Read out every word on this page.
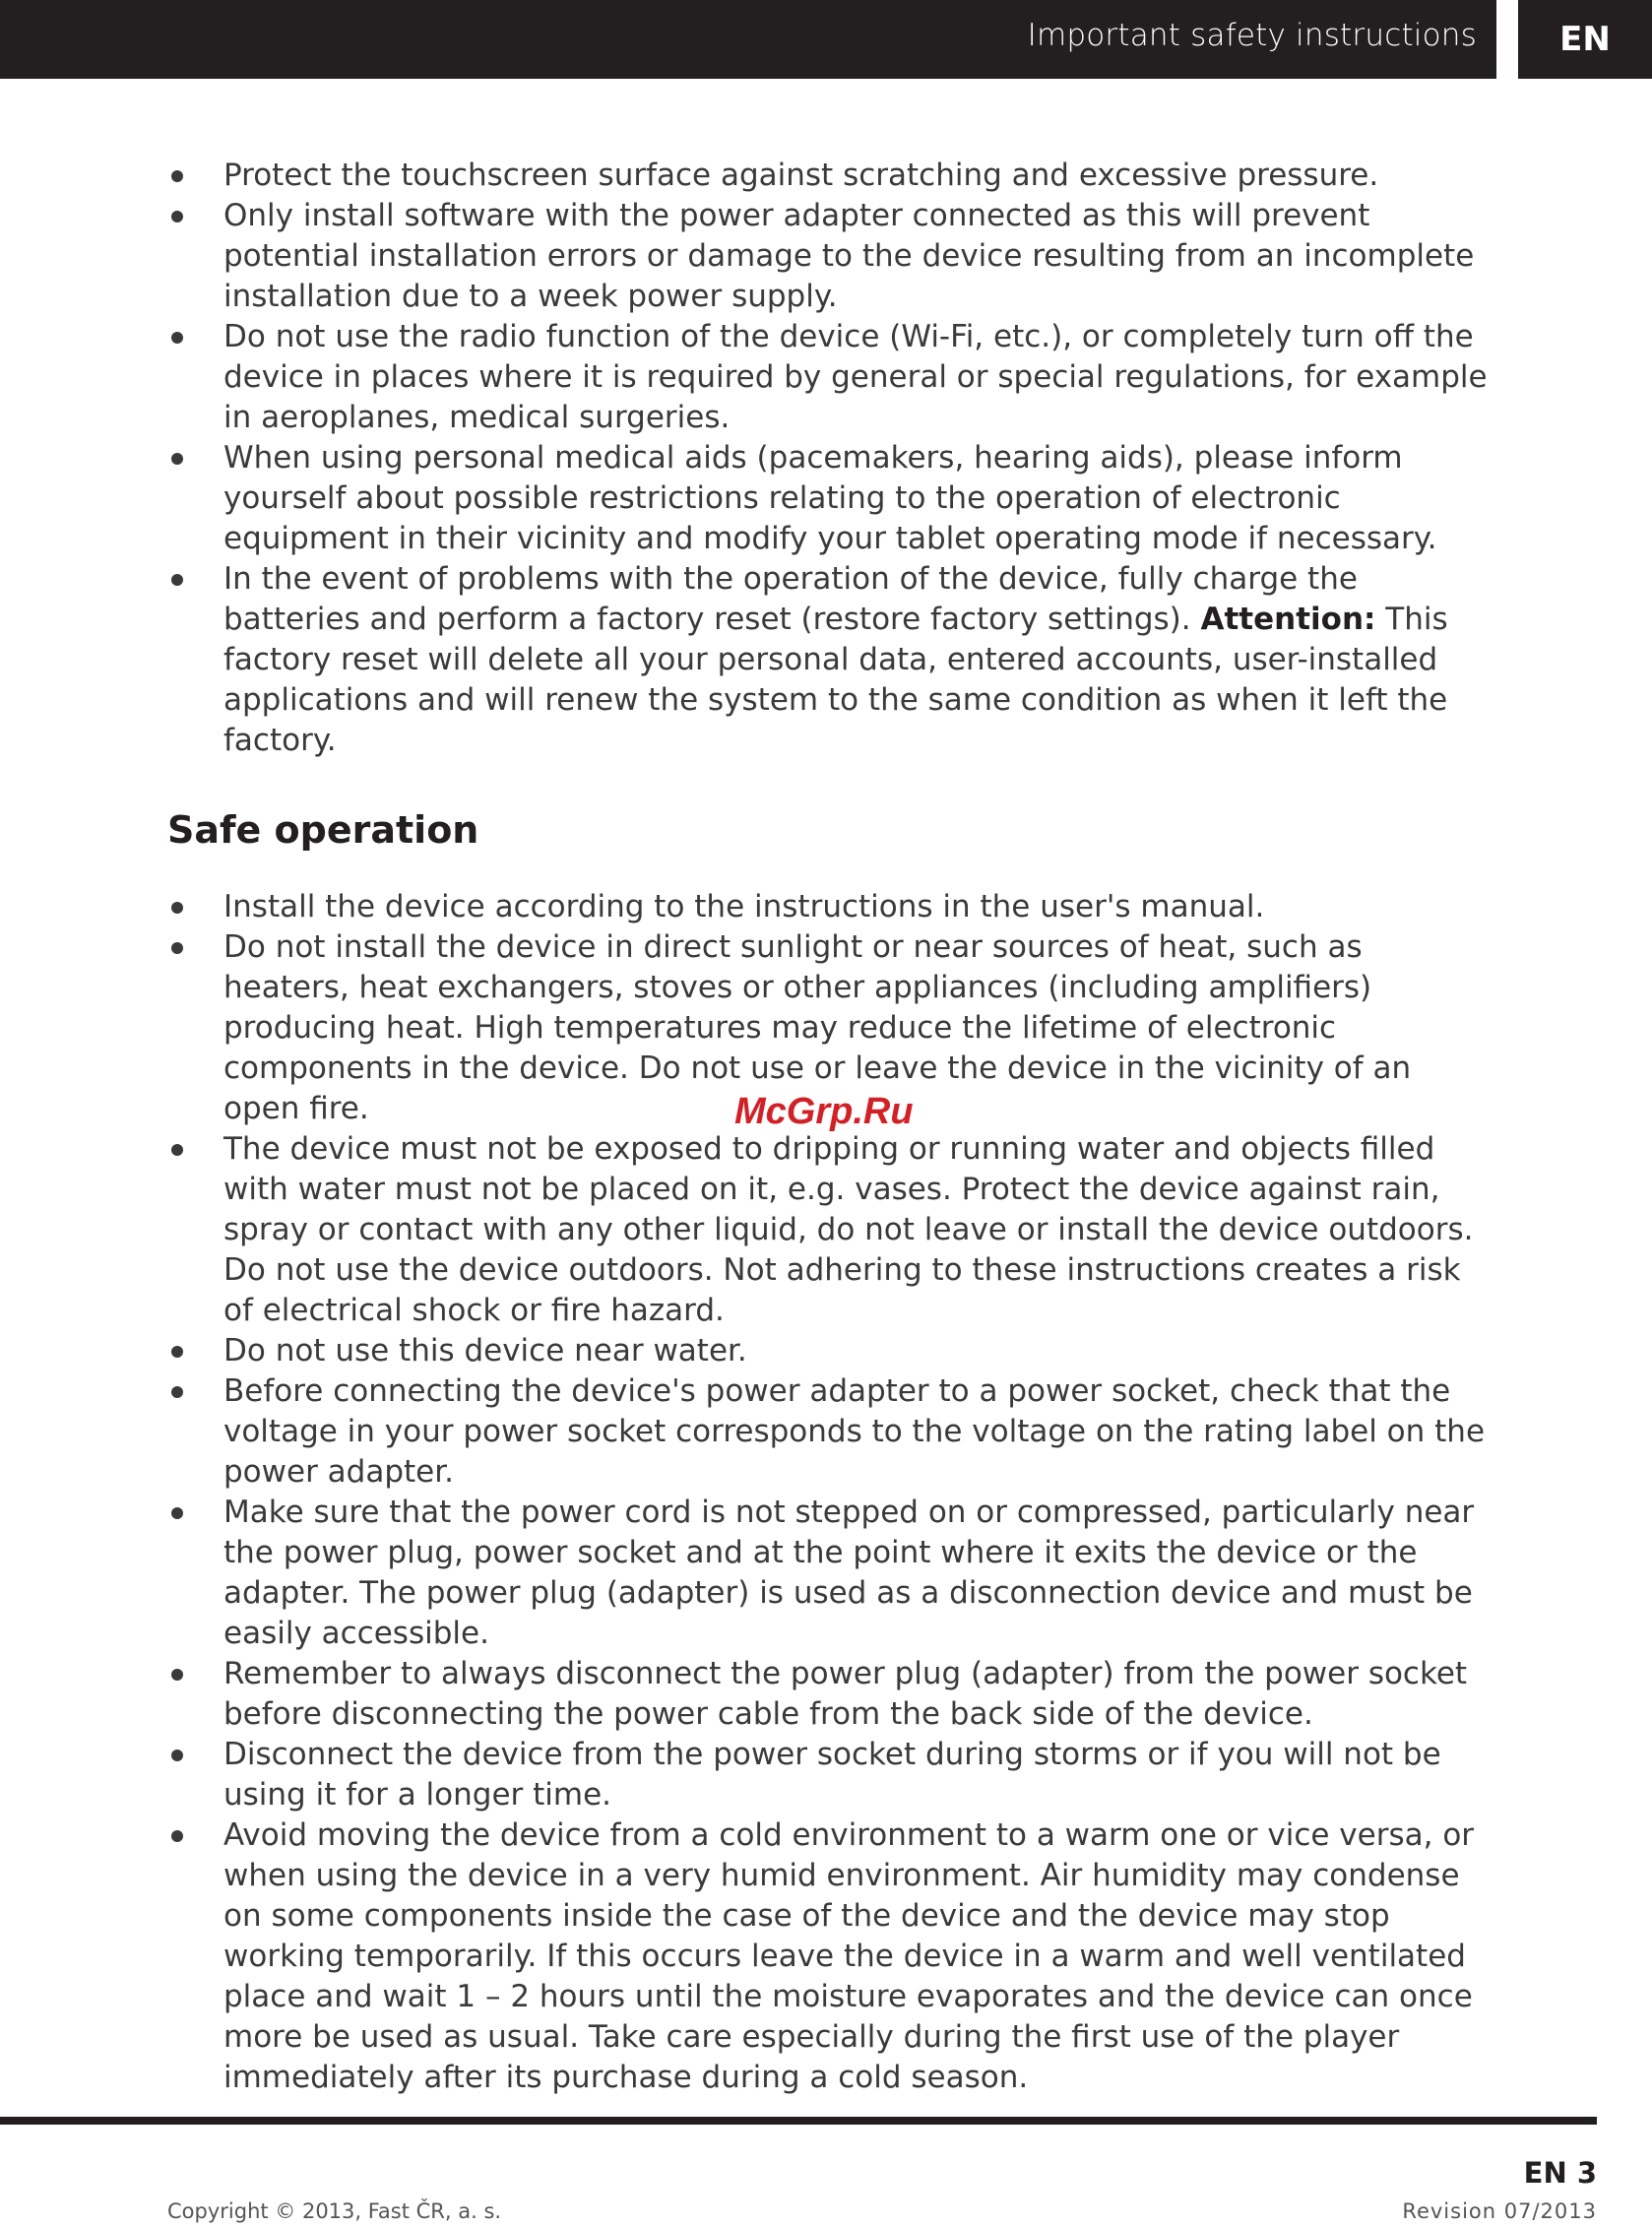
Important safety instructions	EN
Protect the touchscreen surface against scratching and excessive pressure.
Only install software with the power adapter connected as this will prevent potential installation errors or damage to the device resulting from an incomplete installation due to a week power supply.
Do not use the radio function of the device (Wi-Fi, etc.), or completely turn off the device in places where it is required by general or special regulations, for example in aeroplanes, medical surgeries.
When using personal medical aids (pacemakers, hearing aids), please inform yourself about possible restrictions relating to the operation of electronic equipment in their vicinity and modify your tablet operating mode if necessary.
In the event of problems with the operation of the device, fully charge the batteries and perform a factory reset (restore factory settings). Attention: This factory reset will delete all your personal data, entered accounts, user-installed applications and will renew the system to the same condition as when it left the factory.
Safe operation
Install the device according to the instructions in the user's manual.
Do not install the device in direct sunlight or near sources of heat, such as heaters, heat exchangers, stoves or other appliances (including amplifiers) producing heat. High temperatures may reduce the lifetime of electronic components in the device. Do not use or leave the device in the vicinity of an open fire.
The device must not be exposed to dripping or running water and objects filled with water must not be placed on it, e.g. vases. Protect the device against rain, spray or contact with any other liquid, do not leave or install the device outdoors. Do not use the device outdoors. Not adhering to these instructions creates a risk of electrical shock or fire hazard.
Do not use this device near water.
Before connecting the device's power adapter to a power socket, check that the voltage in your power socket corresponds to the voltage on the rating label on the power adapter.
Make sure that the power cord is not stepped on or compressed, particularly near the power plug, power socket and at the point where it exits the device or the adapter. The power plug (adapter) is used as a disconnection device and must be easily accessible.
Remember to always disconnect the power plug (adapter) from the power socket before disconnecting the power cable from the back side of the device.
Disconnect the device from the power socket during storms or if you will not be using it for a longer time.
Avoid moving the device from a cold environment to a warm one or vice versa, or when using the device in a very humid environment. Air humidity may condense on some components inside the case of the device and the device may stop working temporarily. If this occurs leave the device in a warm and well ventilated place and wait 1 – 2 hours until the moisture evaporates and the device can once more be used as usual. Take care especially during the first use of the player immediately after its purchase during a cold season.
McGrp.Ru
EN 3
Copyright © 2013, Fast ČR, a. s.	Revision 07/2013
